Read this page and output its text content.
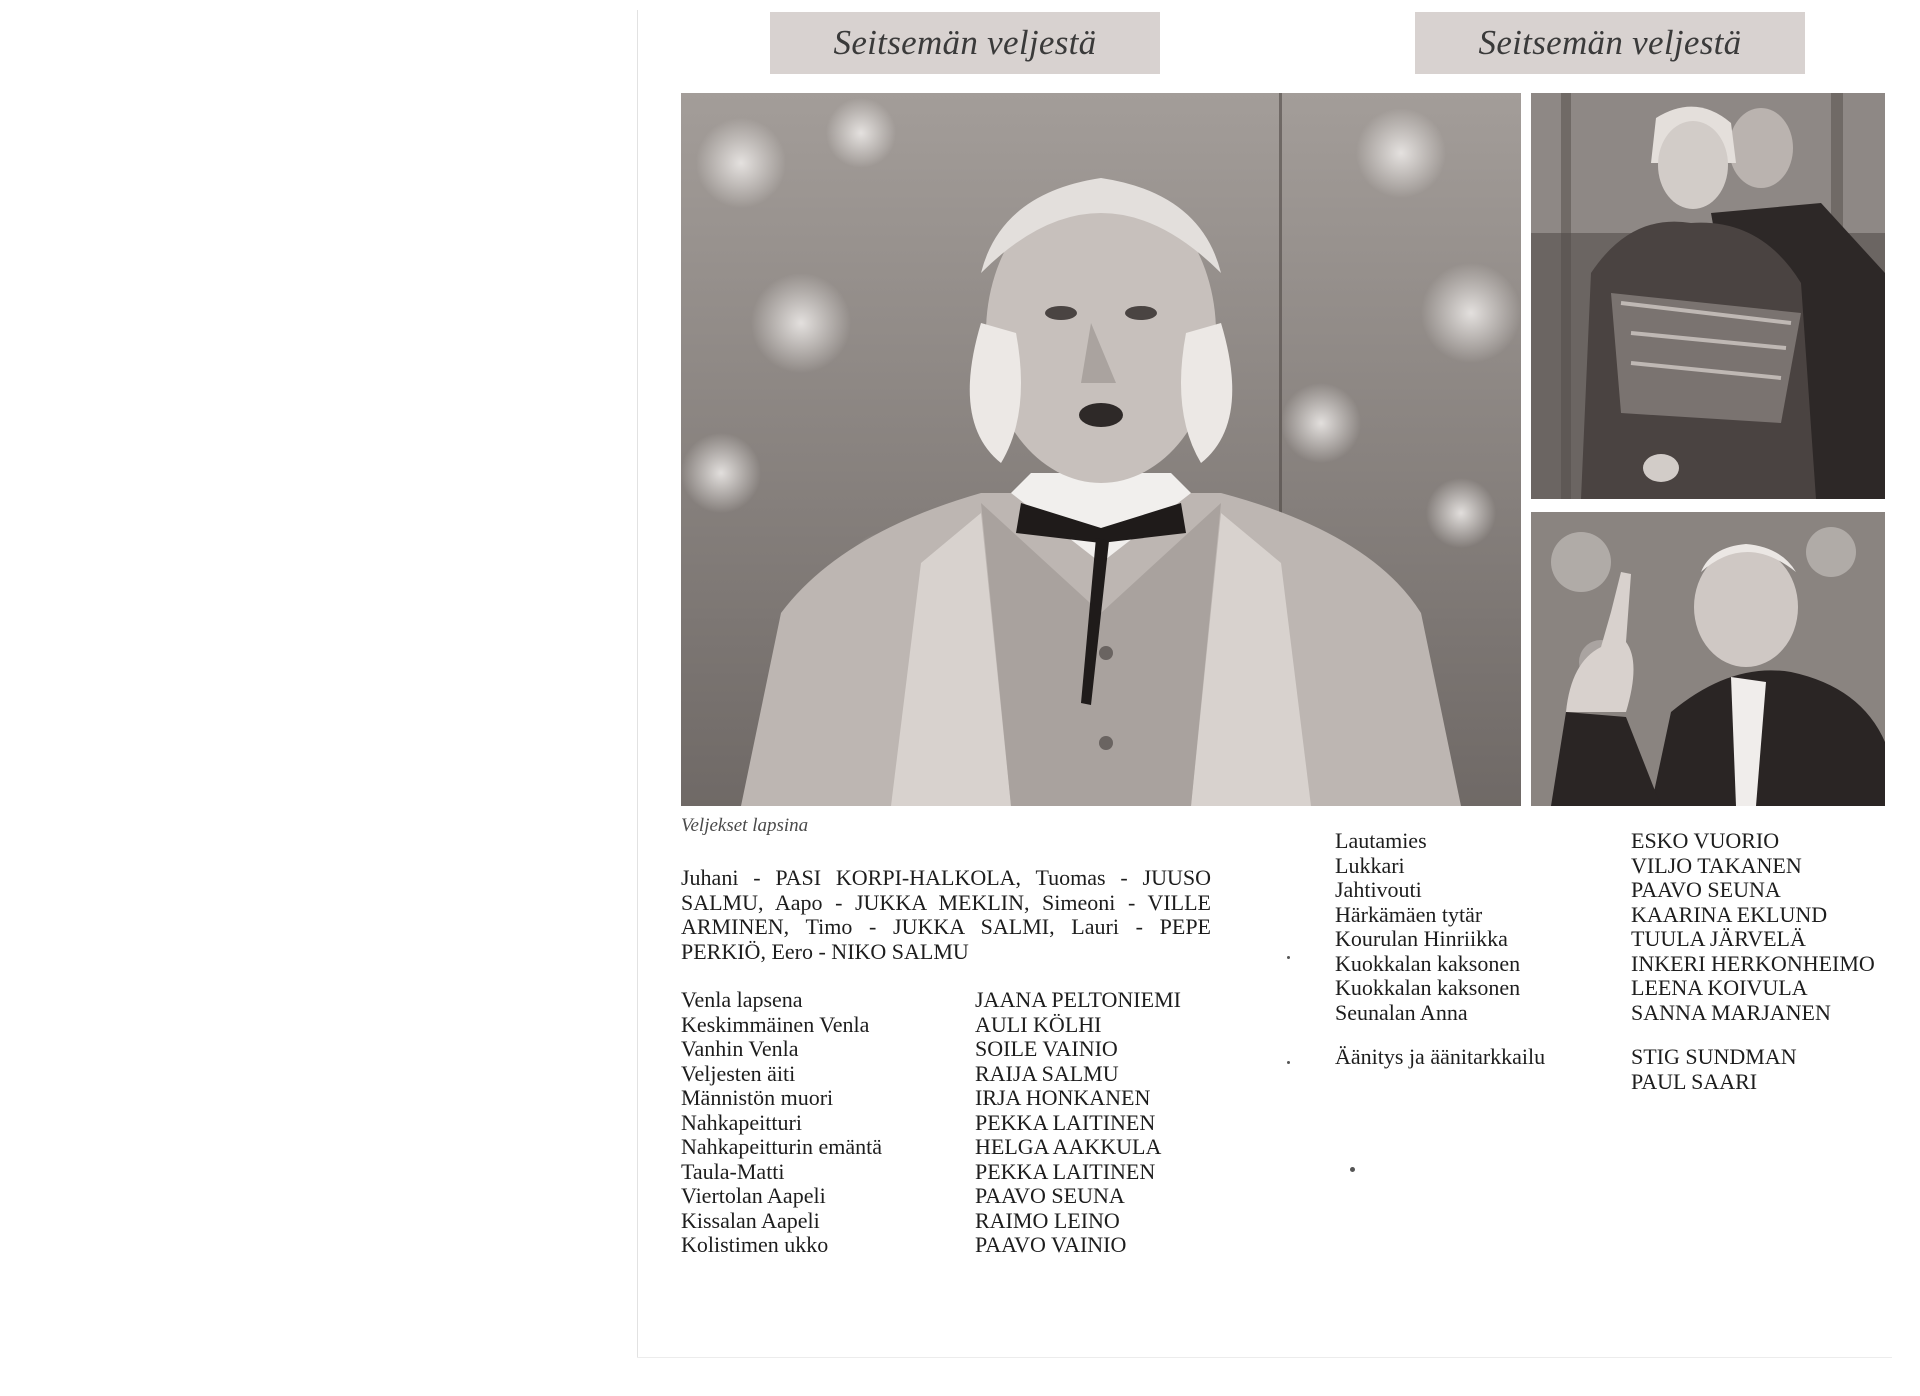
Seitsemän veljestä	Seitsemän veljestä
Veljekset lapsina
Juhani - PASI KORPI-HALKOLA, Tuomas - JUUSO SALMU, Aapo - JUKKA MEKLIN, Simeoni - VILLE ARMINEN, Timo - JUKKA SALMI, Lauri - PEPE PERKIÖ, Eero - NIKO SALMU
Venla lapsena
Keskimmäinen Venla
Vanhin Venla
Veljesten äiti
Männistön muori
Nahkapeitturi
Nahkapeitturin emäntä
Taula-Matti
Viertolan Aapeli
Kissalan Aapeli
Kolistimen ukko
JAANA PELTONIEMI
AULI KÖLHI
SOILE VAINIO
RAIJA SALMU
IRJA HONKANEN
PEKKA LAITINEN
HELGA AAKKULA
PEKKA LAITINEN
PAAVO SEUNA
RAIMO LEINO
PAAVO VAINIO
Lautamies
Lukkari
Jahtivouti
Härkämäen tytär
Kourulan Hinriikka
Kuokkalan kaksonen
Kuokkalan kaksonen
Seunalan Anna
ESKO VUORIO
VILJO TAKANEN
PAAVO SEUNA
KAARINA EKLUND
TUULA JÄRVELÄ
INKERI HERKONHEIMO
LEENA KOIVULA
SANNA MARJANEN
Äänitys ja äänitarkkailu	STIG SUNDMAN
PAUL SAARI
